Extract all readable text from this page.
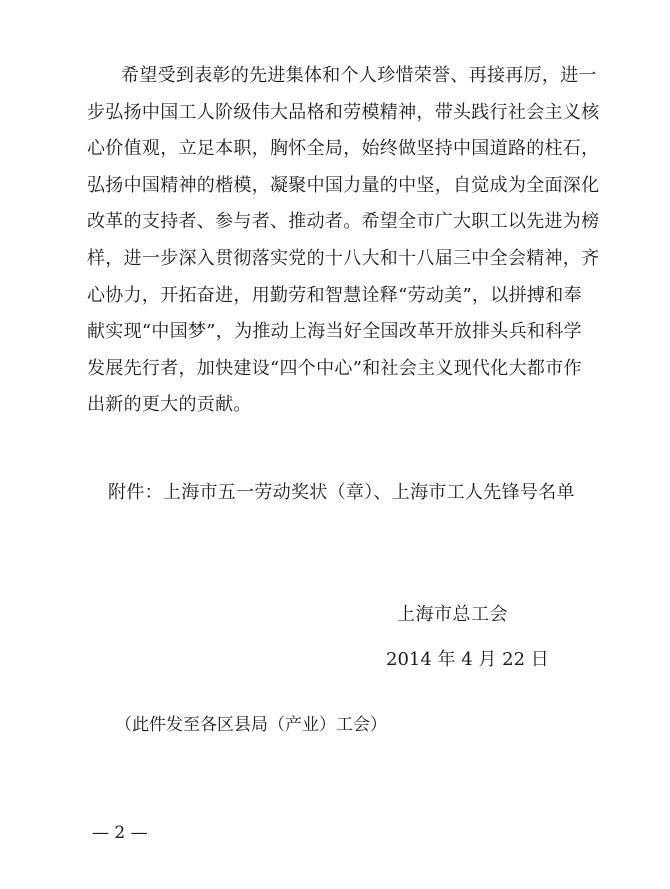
希望受到表彰的先进集体和个人珍惜荣誉、再接再厉，进一
步弘扬中国工人阶级伟大品格和劳模精神，带头践行社会主义核
心价值观，立足本职，胸怀全局，始终做坚持中国道路的柱石，
弘扬中国精神的楷模，凝聚中国力量的中坚，自觉成为全面深化
改革的支持者、参与者、推动者。希望全市广大职工以先进为榜
样，进一步深入贯彻落实党的十八大和十八届三中全会精神，齐
心协力，开拓奋进，用勤劳和智慧诠释“劳动美”，以拼搏和奉
献实现“中国梦”，为推动上海当好全国改革开放排头兵和科学
发展先行者，加快建设“四个中心”和社会主义现代化大都市作
出新的更大的贡献。
附件：上海市五一劳动奖状（章）、上海市工人先锋号名单
上海市总工会
2014 年 4 月 22 日
（此件发至各区县局（产业）工会）
— 2 —
